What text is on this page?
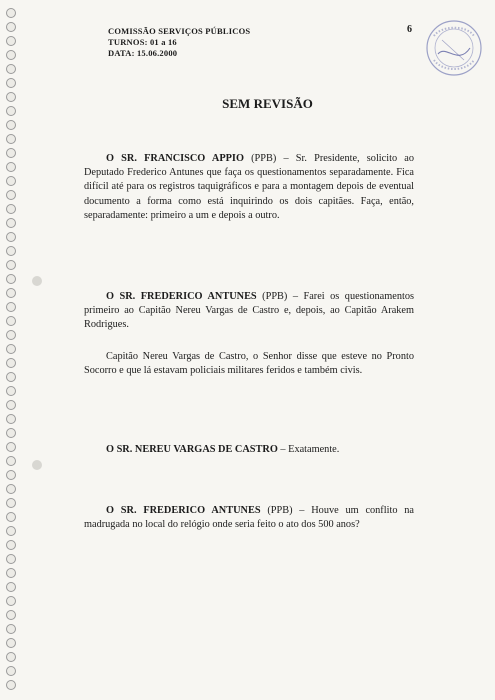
COMISSÃO SERVIÇOS PÚBLICOS
TURNOS: 01 a 16
DATA: 15.06.2000
6
SEM REVISÃO
O SR. FRANCISCO APPIO (PPB) – Sr. Presidente, solicito ao Deputado Frederico Antunes que faça os questionamentos separadamente. Fica difícil até para os registros taquigráficos e para a montagem depois de eventual documento a forma como está inquirindo os dois capitães. Faça, então, separadamente: primeiro a um e depois a outro.
O SR. FREDERICO ANTUNES (PPB) – Farei os questionamentos primeiro ao Capitão Nereu Vargas de Castro e, depois, ao Capitão Arakem Rodrigues.
Capitão Nereu Vargas de Castro, o Senhor disse que esteve no Pronto Socorro e que lá estavam policiais militares feridos e também civis.
O SR. NEREU VARGAS DE CASTRO – Exatamente.
O SR. FREDERICO ANTUNES (PPB) – Houve um conflito na madrugada no local do relógio onde seria feito o ato dos 500 anos?
